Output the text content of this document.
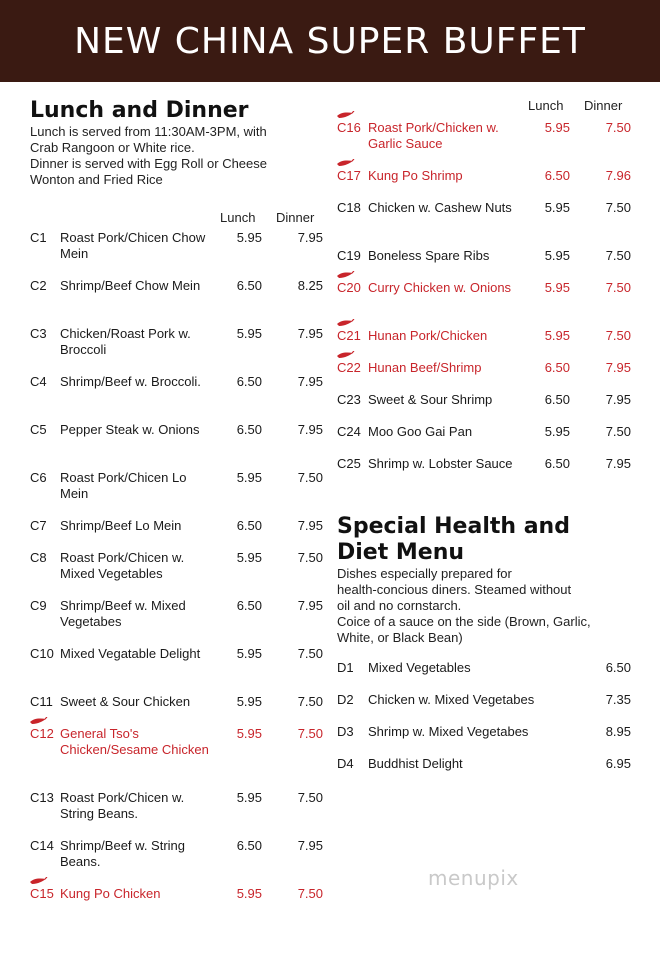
NEW CHINA SUPER BUFFET
Lunch and Dinner

Lunch is served from 11:30AM-3PM, with

Crab Rangoon or White rice.

Dinner is served with Egg Roll or Cheese

Wonton and Fried Rice

Lunch Dinner
C1 Roast Pork/Chicen Chow Mein
5.95	7.95
C2 Shrimp/Beef Chow Mein	6.50	8.25
C3 Chicken/Roast Pork w. Broccoli
5.95	7.95
C4 Shrimp/Beef w. Broccoli.	6.50	7.95
C5 Pepper Steak w. Onions	6.50	7.95
C6 Roast Pork/Chicen Lo Mein
5.95	7.50
C7 Shrimp/Beef Lo Mein	6.50	7.95
C8 Roast Pork/Chicen w. Mixed Vegetables
5.95	7.50
C9 Shrimp/Beef w. Mixed Vegetabes
6.50	7.95
C10 Mixed Vegatable Delight	5.95	7.50
C11 Sweet & Sour Chicken	5.95	7.50
C12 General Tso's Chicken/Sesame Chicken
5.95	7.50
C13 Roast Pork/Chicen w. String Beans.
5.95	7.50
C14 Shrimp/Beef w. String Beans.
6.50	7.95
C15 Kung Po Chicken	5.95	7.50
Lunch Dinner
C16 Roast Pork/Chicken w. Garlic Sauce
5.95	7.50
C17 Kung Po Shrimp	6.50	7.96
C18 Chicken w. Cashew Nuts	5.95	7.50
C19 Boneless Spare Ribs	5.95	7.50
C20 Curry Chicken w. Onions	5.95	7.50
C21 Hunan Pork/Chicken	5.95	7.50
C22 Hunan Beef/Shrimp	6.50	7.95
C23 Sweet & Sour Shrimp	6.50	7.95
C24 Moo Goo Gai Pan	5.95	7.50
C25 Shrimp w. Lobster Sauce	6.50	7.95
Special Health and
Diet Menu

Dishes especially prepared for

health-concious diners. Steamed without

oil and no cornstarch.

Coice of a sauce on the side (Brown, Garlic,

White, or Black Bean)

D1 Mixed Vegetables	6.50
D2 Chicken w. Mixed Vegetabes	7.35
D3 Shrimp w. Mixed Vegetabes	8.95
D4 Buddhist Delight	6.95
menupix
